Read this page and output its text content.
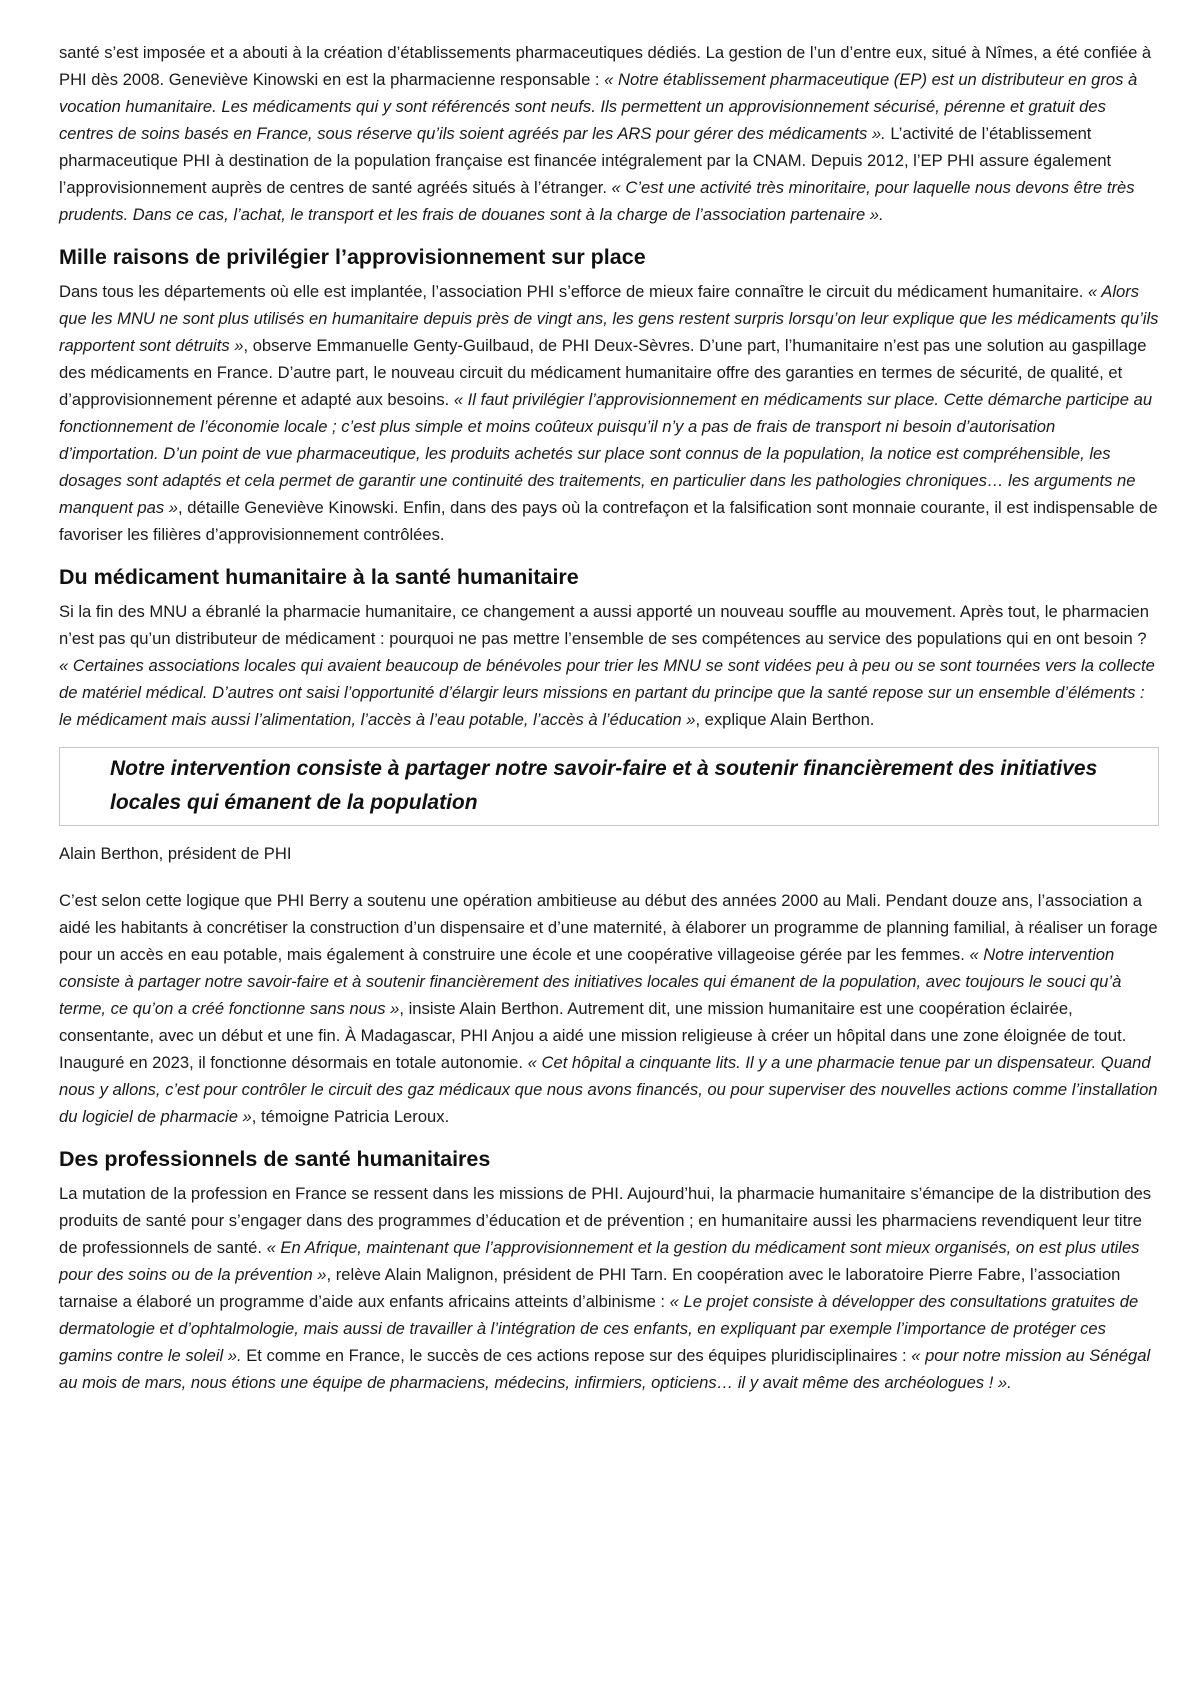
santé s’est imposée et a abouti à la création d’établissements pharmaceutiques dédiés. La gestion de l’un d’entre eux, situé à Nîmes, a été confiée à PHI dès 2008. Geneviève Kinowski en est la pharmacienne responsable : « Notre établissement pharmaceutique (EP) est un distributeur en gros à vocation humanitaire. Les médicaments qui y sont référencés sont neufs. Ils permettent un approvisionnement sécurisé, pérenne et gratuit des centres de soins basés en France, sous réserve qu’ils soient agréés par les ARS pour gérer des médicaments ». L’activité de l’établissement pharmaceutique PHI à destination de la population française est financée intégralement par la CNAM. Depuis 2012, l’EP PHI assure également l’approvisionnement auprès de centres de santé agréés situés à l’étranger. « C’est une activité très minoritaire, pour laquelle nous devons être très prudents. Dans ce cas, l’achat, le transport et les frais de douanes sont à la charge de l’association partenaire ».

Mille raisons de privilégier l’approvisionnement sur place

Dans tous les départements où elle est implantée, l’association PHI s’efforce de mieux faire connaître le circuit du médicament humanitaire. « Alors que les MNU ne sont plus utilisés en humanitaire depuis près de vingt ans, les gens restent surpris lorsqu’on leur explique que les médicaments qu’ils rapportent sont détruits », observe Emmanuelle Genty-Guilbaud, de PHI Deux-Sèvres. D’une part, l’humanitaire n’est pas une solution au gaspillage des médicaments en France. D’autre part, le nouveau circuit du médicament humanitaire offre des garanties en termes de sécurité, de qualité, et d’approvisionnement pérenne et adapté aux besoins. « Il faut privilégier l’approvisionnement en médicaments sur place. Cette démarche participe au fonctionnement de l’économie locale ; c’est plus simple et moins coûteux puisqu’il n’y a pas de frais de transport ni besoin d’autorisation d’importation. D’un point de vue pharmaceutique, les produits achetés sur place sont connus de la population, la notice est compréhensible, les dosages sont adaptés et cela permet de garantir une continuité des traitements, en particulier dans les pathologies chroniques… les arguments ne manquent pas », détaille Geneviève Kinowski. Enfin, dans des pays où la contrefaçon et la falsification sont monnaie courante, il est indispensable de favoriser les filières d’approvisionnement contrôlées.

Du médicament humanitaire à la santé humanitaire

Si la fin des MNU a ébranlé la pharmacie humanitaire, ce changement a aussi apporté un nouveau souffle au mouvement. Après tout, le pharmacien n’est pas qu’un distributeur de médicament : pourquoi ne pas mettre l’ensemble de ses compétences au service des populations qui en ont besoin ? « Certaines associations locales qui avaient beaucoup de bénévoles pour trier les MNU se sont vidées peu à peu ou se sont tournées vers la collecte de matériel médical. D’autres ont saisi l’opportunité d’élargir leurs missions en partant du principe que la santé repose sur un ensemble d’éléments : le médicament mais aussi l’alimentation, l’accès à l’eau potable, l’accès à l’éducation », explique Alain Berthon.

Notre intervention consiste à partager notre savoir-faire et à soutenir financièrement des initiatives locales qui émanent de la population

Alain Berthon, président de PHI

C’est selon cette logique que PHI Berry a soutenu une opération ambitieuse au début des années 2000 au Mali. Pendant douze ans, l’association a aidé les habitants à concrétiser la construction d’un dispensaire et d’une maternité, à élaborer un programme de planning familial, à réaliser un forage pour un accès en eau potable, mais également à construire une école et une coopérative villageoise gérée par les femmes. « Notre intervention consiste à partager notre savoir-faire et à soutenir financièrement des initiatives locales qui émanent de la population, avec toujours le souci qu’à terme, ce qu’on a créé fonctionne sans nous », insiste Alain Berthon. Autrement dit, une mission humanitaire est une coopération éclairée, consentante, avec un début et une fin. À Madagascar, PHI Anjou a aidé une mission religieuse à créer un hôpital dans une zone éloignée de tout. Inauguré en 2023, il fonctionne désormais en totale autonomie. « Cet hôpital a cinquante lits. Il y a une pharmacie tenue par un dispensateur. Quand nous y allons, c’est pour contrôler le circuit des gaz médicaux que nous avons financés, ou pour superviser des nouvelles actions comme l’installation du logiciel de pharmacie », témoigne Patricia Leroux.

Des professionnels de santé humanitaires

La mutation de la profession en France se ressent dans les missions de PHI. Aujourd’hui, la pharmacie humanitaire s’émancipe de la distribution des produits de santé pour s’engager dans des programmes d’éducation et de prévention ; en humanitaire aussi les pharmaciens revendiquent leur titre de professionnels de santé. « En Afrique, maintenant que l’approvisionnement et la gestion du médicament sont mieux organisés, on est plus utiles pour des soins ou de la prévention », relève Alain Malignon, président de PHI Tarn. En coopération avec le laboratoire Pierre Fabre, l’association tarnaise a élaboré un programme d’aide aux enfants africains atteints d’albinisme : « Le projet consiste à développer des consultations gratuites de dermatologie et d’ophtalmologie, mais aussi de travailler à l’intégration de ces enfants, en expliquant par exemple l’importance de protéger ces gamins contre le soleil ». Et comme en France, le succès de ces actions repose sur des équipes pluridisciplinaires : « pour notre mission au Sénégal au mois de mars, nous étions une équipe de pharmaciens, médecins, infirmiers, opticiens… il y avait même des archéologues ! ».
